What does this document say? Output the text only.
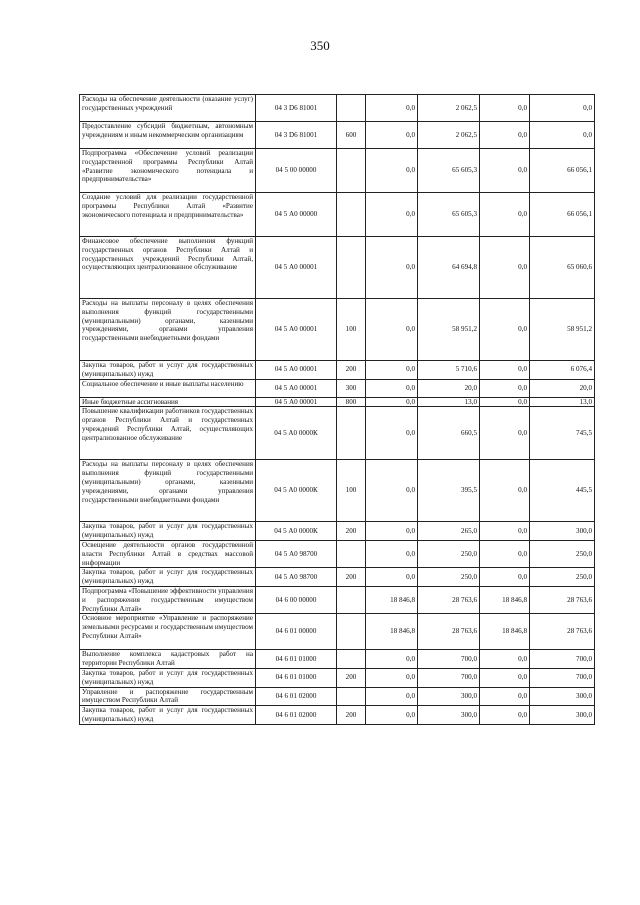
350
Расходы на обеспечение деятельности (оказание услуг) государственных учреждений	04 3 D6 81001		0,0	2 062,5	0,0	0,0
Предоставление субсидий бюджетным, автономным учреждениям и иным некоммерческим организациям	04 3 D6 81001	600	0,0	2 062,5	0,0	0,0
Подпрограмма «Обеспечение условий реализации государственной программы Республики Алтай «Развитие экономического потенциала и предпринимательства»	04 5 00 00000		0,0	65 605,3	0,0	66 056,1
Создание условий для реализации государственной программы Республики Алтай «Развитие экономического потенциала и предпринимательства»	04 5 А0 00000		0,0	65 605,3	0,0	66 056,1
Финансовое обеспечение выполнения функций государственных органов Республики Алтай и государственных учреждений Республики Алтай, осуществляющих централизованное обслуживание	04 5 А0 00001		0,0	64 694,8	0,0	65 060,6
Расходы на выплаты персоналу в целях обеспечения выполнения функций государственными (муниципальными) органами, казенными учреждениями, органами управления государственными внебюджетными фондами	04 5 А0 00001	100	0,0	58 951,2	0,0	58 951,2
Закупка товаров, работ и услуг для государственных (муниципальных) нужд	04 5 А0 00001	200	0,0	5 710,6	0,0	6 076,4
Социальное обеспечение и иные выплаты населению	04 5 А0 00001	300	0,0	20,0	0,0	20,0
Иные бюджетные ассигнования	04 5 А0 00001	800	0,0	13,0	0,0	13,0
Повышение квалификации работников государственных органов Республики Алтай и государственных учреждений Республики Алтай, осуществляющих централизованное обслуживание	04 5 А0 0000К		0,0	660,5	0,0	745,5
Расходы на выплаты персоналу в целях обеспечения выполнения функций государственными (муниципальными) органами, казенными учреждениями, органами управления государственными внебюджетными фондами	04 5 А0 0000К	100	0,0	395,5	0,0	445,5
Закупка товаров, работ и услуг для государственных (муниципальных) нужд	04 5 А0 0000К	200	0,0	265,0	0,0	300,0
Освещение деятельности органов государственной власти Республики Алтай в средствах массовой информации	04 5 А0 98700		0,0	250,0	0,0	250,0
Закупка товаров, работ и услуг для государственных (муниципальных) нужд	04 5 А0 98700	200	0,0	250,0	0,0	250,0
Подпрограмма «Повышение эффективности управления и распоряжения государственным имуществом Республики Алтай»	04 6 00 00000		18 846,8	28 763,6	18 846,8	28 763,6
Основное мероприятие «Управление и распоряжение земельными ресурсами и государственным имуществом Республики Алтай»	04 6 01 00000		18 846,8	28 763,6	18 846,8	28 763,6
Выполнение комплекса кадастровых работ на территории Республики Алтай	04 6 01 01000		0,0	700,0	0,0	700,0
Закупка товаров, работ и услуг для государственных (муниципальных) нужд	04 6 01 01000	200	0,0	700,0	0,0	700,0
Управление и распоряжение государственным имуществом Республики Алтай	04 6 01 02000		0,0	300,0	0,0	300,0
Закупка товаров, работ и услуг для государственных (муниципальных) нужд	04 6 01 02000	200	0,0	300,0	0,0	300,0
